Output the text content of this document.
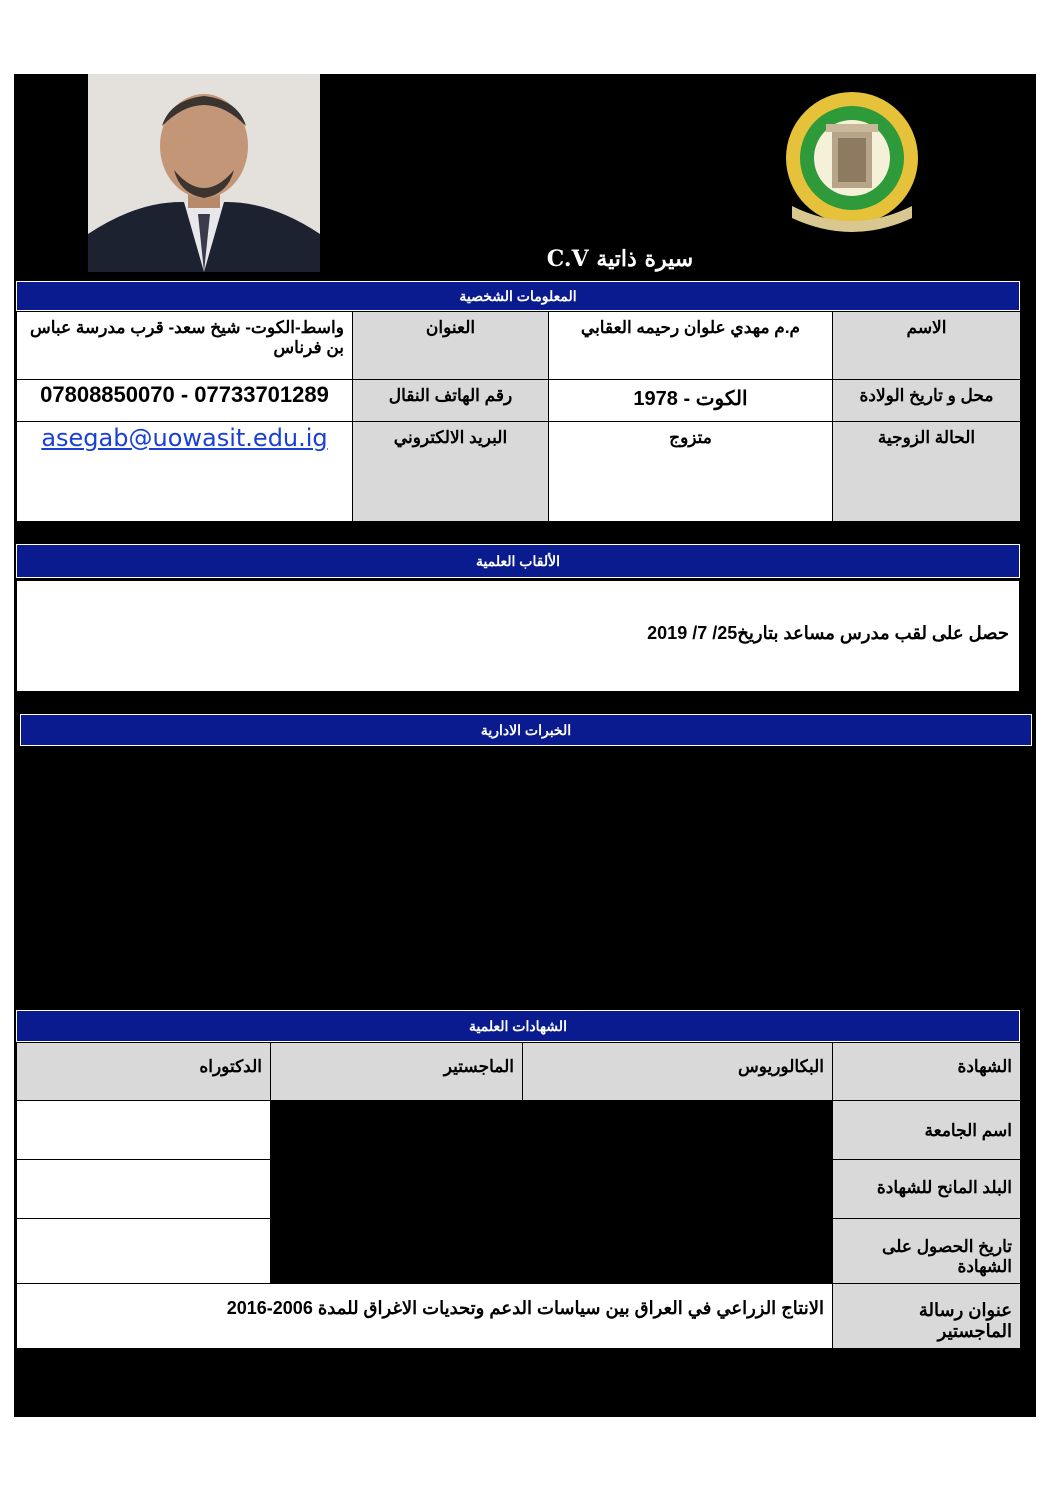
سيرة ذاتية C.V
المعلومات الشخصية
الاسم	م.م مهدي علوان رحيمه العقابي	العنوان	واسط-الكوت- شيخ سعد- قرب مدرسة عباس بن فرناس
محل و تاريخ الولادة	الكوت - 1978	رقم الهاتف النقال	07808850070 - 07733701289
الحالة الزوجية	متزوج	البريد الالكتروني	asegab@uowasit.edu.ig
الألقاب العلمية
حصل على لقب مدرس مساعد بتاريخ25/ 7/ 2019
الخبرات الادارية
الشهادات العلمية
الشهادة	البكالوريوس	الماجستير	الدكتوراه
اسم الجامعة			
البلد المانح للشهادة			
تاريخ الحصول على الشهادة			
عنوان رسالة الماجستير	الانتاج الزراعي في العراق بين سياسات الدعم وتحديات الاغراق للمدة 2006-2016		
